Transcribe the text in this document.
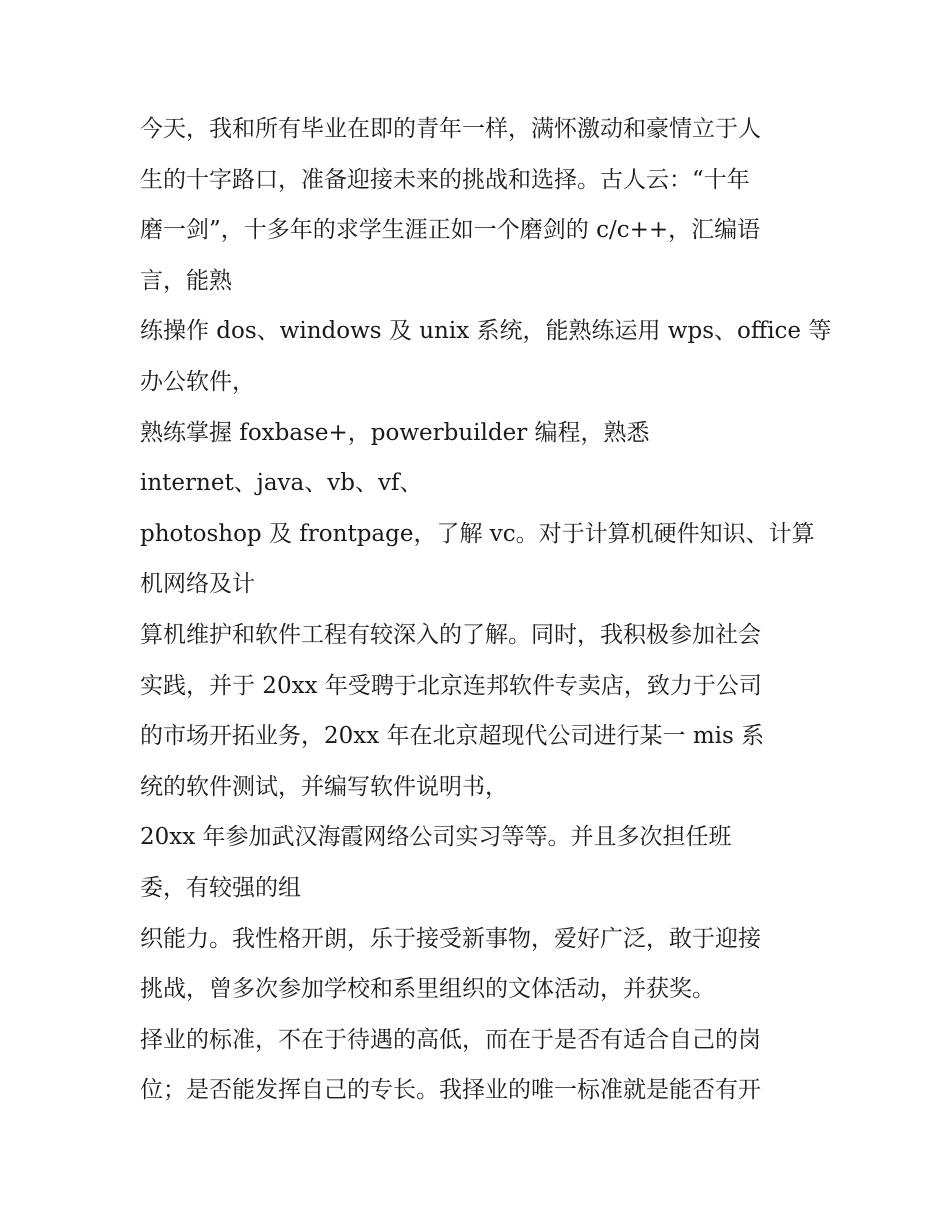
今天，我和所有毕业在即的青年一样，满怀激动和豪情立于人
生的十字路口，准备迎接未来的挑战和选择。古人云：“十年
磨一剑”，十多年的求学生涯正如一个磨剑的 c/c++，汇编语
言，能熟
练操作 dos、windows 及 unix 系统，能熟练运用 wps、office 等
办公软件，
熟练掌握 foxbase+，powerbuilder 编程，熟悉
internet、java、vb、vf、
photoshop 及 frontpage，了解 vc。对于计算机硬件知识、计算
机网络及计
算机维护和软件工程有较深入的了解。同时，我积极参加社会
实践，并于 20xx 年受聘于北京连邦软件专卖店，致力于公司
的市场开拓业务，20xx 年在北京超现代公司进行某一 mis 系
统的软件测试，并编写软件说明书，
20xx 年参加武汉海霞网络公司实习等等。并且多次担任班
委，有较强的组
织能力。我性格开朗，乐于接受新事物，爱好广泛，敢于迎接
挑战，曾多次参加学校和系里组织的文体活动，并获奖。
择业的标准，不在于待遇的高低，而在于是否有适合自己的岗
位；是否能发挥自己的专长。我择业的唯一标准就是能否有开
